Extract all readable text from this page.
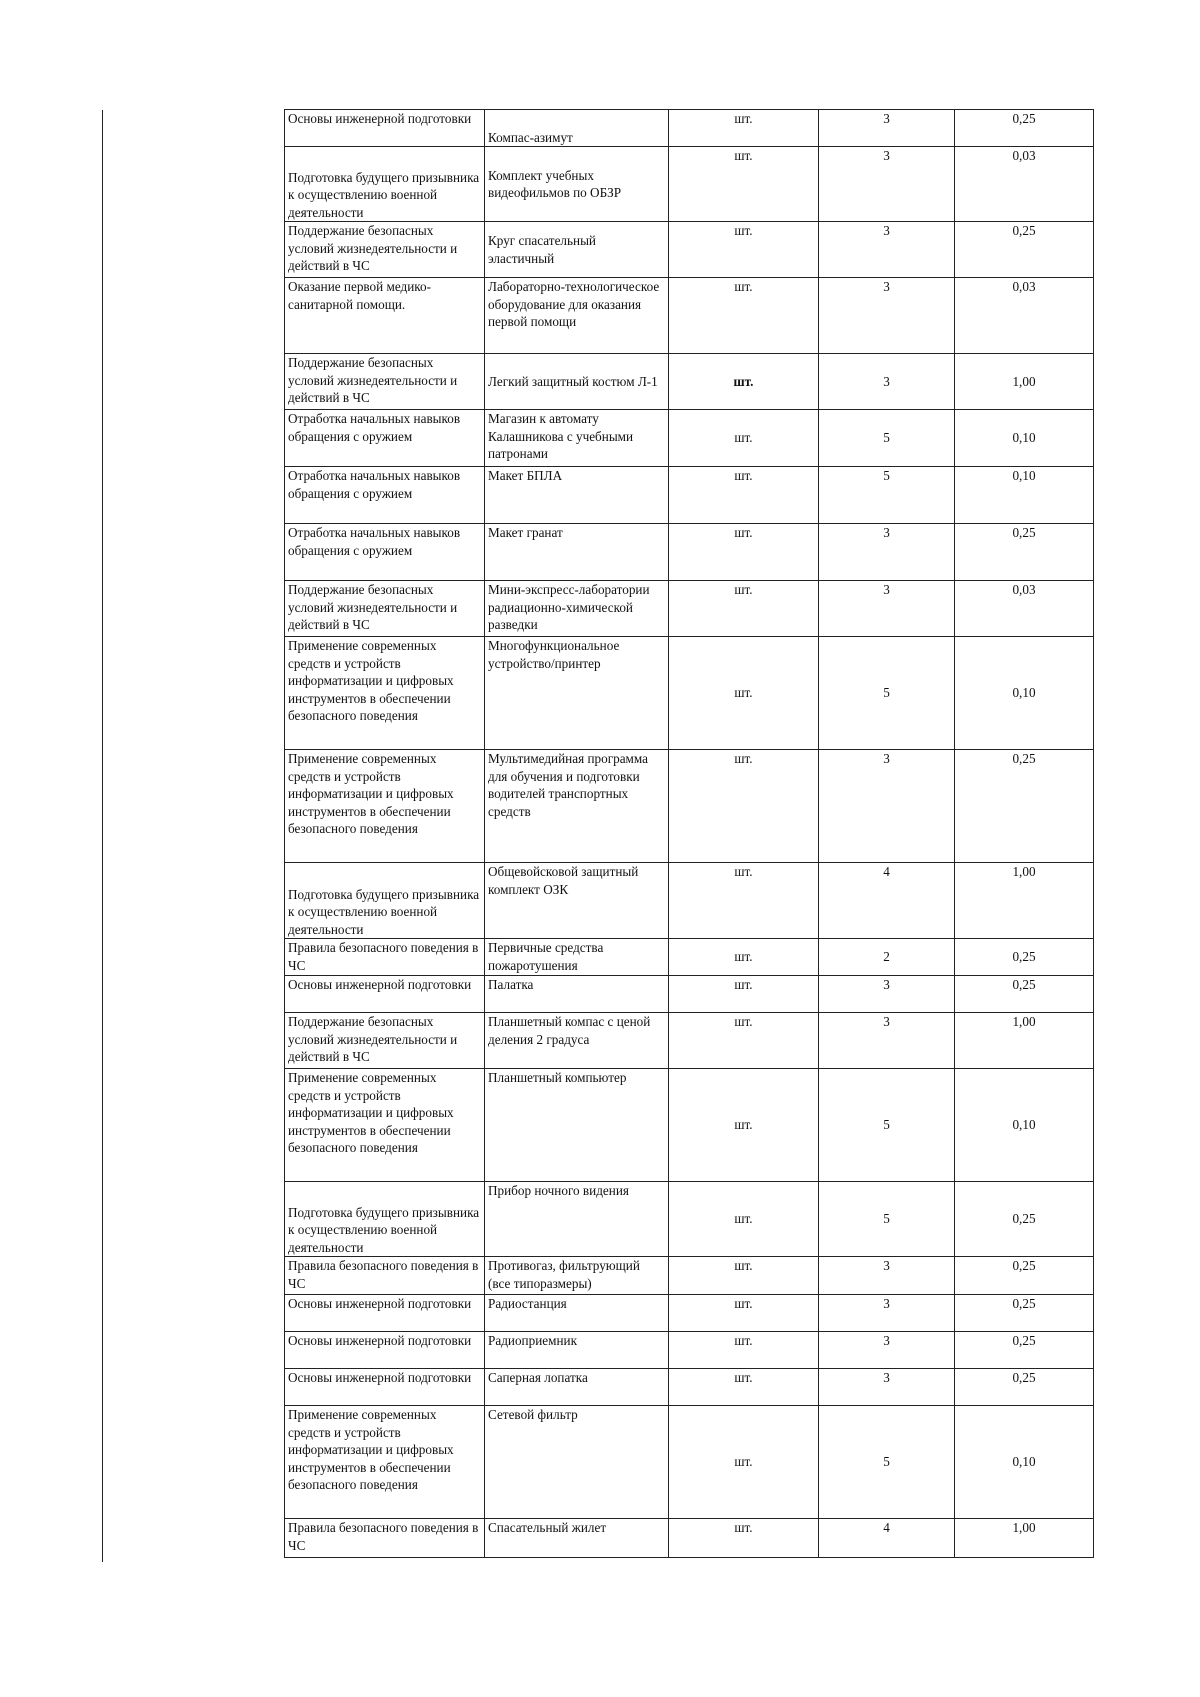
Основы инженерной подготовки	Компас-азимут	шт.	3	0,25
Подготовка будущего призывника к осуществлению военной деятельности	Комплект учебных видеофильмов по ОБЗР	шт.	3	0,03
Поддержание безопасных условий жизнедеятельности и действий в ЧС	Круг спасательный эластичный	шт.	3	0,25
Оказание первой медико-санитарной помощи.	Лабораторно-технологическое оборудование для оказания первой помощи	шт.	3	0,03
Поддержание безопасных условий жизнедеятельности и действий в ЧС	Легкий защитный костюм Л-1	шт.	3	1,00
Отработка начальных навыков обращения с оружием	Магазин к автомату Калашникова с учебными патронами	шт.	5	0,10
Отработка начальных навыков обращения с оружием	Макет БПЛА	шт.	5	0,10
Отработка начальных навыков обращения с оружием	Макет гранат	шт.	3	0,25
Поддержание безопасных условий жизнедеятельности и действий в ЧС	Мини-экспресс-лаборатории радиационно-химической разведки	шт.	3	0,03
Применение современных средств и устройств информатизации и цифровых инструментов в обеспечении безопасного поведения	Многофункциональное устройство/принтер	шт.	5	0,10
Применение современных средств и устройств информатизации и цифровых инструментов в обеспечении безопасного поведения	Мультимедийная программа для обучения и подготовки водителей транспортных средств	шт.	3	0,25
Подготовка будущего призывника к осуществлению военной деятельности	Общевойсковой защитный комплект ОЗК	шт.	4	1,00
Правила безопасного поведения в ЧС	Первичные средства пожаротушения	шт.	2	0,25
Основы инженерной подготовки	Палатка	шт.	3	0,25
Поддержание безопасных условий жизнедеятельности и действий в ЧС	Планшетный компас с ценой деления 2 градуса	шт.	3	1,00
Применение современных средств и устройств информатизации и цифровых инструментов в обеспечении безопасного поведения	Планшетный компьютер	шт.	5	0,10
Подготовка будущего призывника к осуществлению военной деятельности	Прибор ночного видения	шт.	5	0,25
Правила безопасного поведения в ЧС	Противогаз, фильтрующий (все типоразмеры)	шт.	3	0,25
Основы инженерной подготовки	Радиостанция	шт.	3	0,25
Основы инженерной подготовки	Радиоприемник	шт.	3	0,25
Основы инженерной подготовки	Саперная лопатка	шт.	3	0,25
Применение современных средств и устройств информатизации и цифровых инструментов в обеспечении безопасного поведения	Сетевой фильтр	шт.	5	0,10
Правила безопасного поведения в ЧС	Спасательный жилет	шт.	4	1,00
